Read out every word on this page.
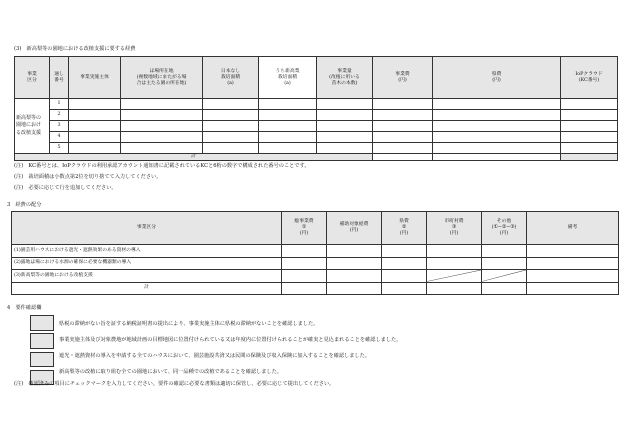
(3)　新高梨等の園地における改植支援に要する経費
事業
区分	通し
番号	事業実施主体	ほ場所在地
(複数地域にまたがる場
合は主たる園の所在地)	日本なし
栽培面積
(a)	うち新高梨
栽培面積
(a)	事業量
(改植に用いる
苗木の本数)	事業費
(円)	県費
(円)	IoPクラウド
(KC番号)
新高梨等の
園地におけ
る改植支援	1								
	2								
	3								
	4								
	5								
計									
(注)　KC番号とは、IoPクラウドの利用承認アカウント通知書に記載されているKCと6桁の数字で構成された番号のことです。
(注)　栽培面積は小数点第2位を切り捨てて入力してください。
(注)　必要に応じて行を追加してください。
3　経費の配分
事業区分	総事業費
①
(円)	補助対象経費
(円)	県費
②
(円)	市町村費
③
(円)	その他
(①−②−③)
(円)	備考
(1)園芸用ハウスにおける遮光・遮熱効果のある資材の導入						
(2)露地ほ場における水源の確保に必要な機器類の導入						
(3)新高梨等の園地における改植支援				

計						
4　要件確認欄
県税の滞納がない旨を証する納税証明書の提出により、事業実施主体に県税の滞納がないことを確認しました。
事業実施主体及び対象農地が地域計画の目標地図に位置付けられている又は年度内に位置付けられることが確実と見込まれることを確認しました。
遮光・遮熱資材の導入を申請する全てのハウスにおいて、園芸施設共済又は民間の保険及び収入保険に加入することを確認しました。
新高梨等の改植に取り組む全ての園地において、同一品種での改植であることを確認しました。
(注)　確認済みの項目にチェックマークを入力してください。要件の確認に必要な書類は適切に保管し、必要に応じて提出してください。
